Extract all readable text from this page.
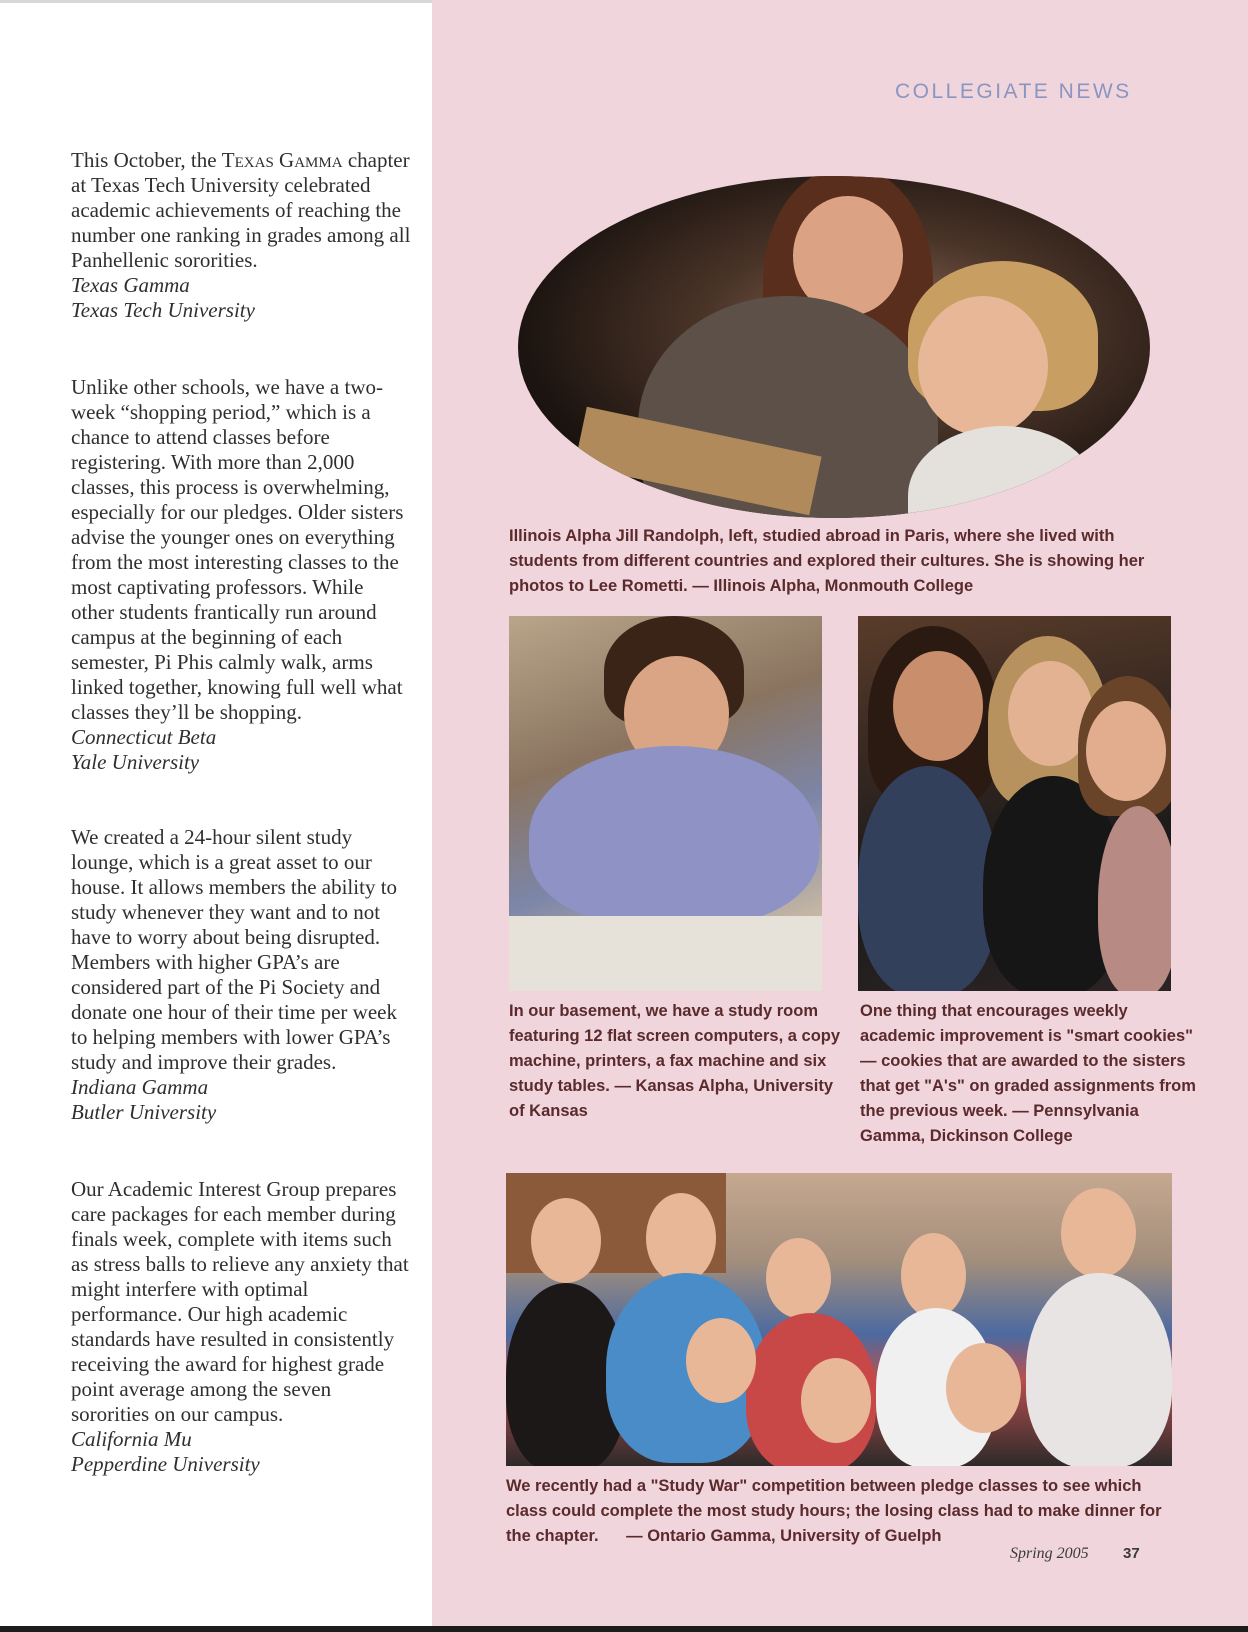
COLLEGIATE NEWS

This October, the Texas Gamma chapter at Texas Tech University celebrated academic achievements of reaching the number one ranking in grades among all Panhellenic sororities.

Texas Gamma

Texas Tech University

Unlike other schools, we have a two-week “shopping period,” which is a chance to attend classes before registering. With more than 2,000 classes, this process is overwhelming, especially for our pledges. Older sisters advise the younger ones on everything from the most interesting classes to the most captivating professors. While other students frantically run around campus at the beginning of each semester, Pi Phis calmly walk, arms linked together, knowing full well what classes they’ll be shopping.

Connecticut Beta

Yale University

We created a 24-hour silent study lounge, which is a great asset to our house. It allows members the ability to study whenever they want and to not have to worry about being disrupted. Members with higher GPA’s are considered part of the Pi Society and donate one hour of their time per week to helping members with lower GPA’s study and improve their grades.

Indiana Gamma

Butler University

Our Academic Interest Group prepares care packages for each member during finals week, complete with items such as stress balls to relieve any anxiety that might interfere with optimal performance. Our high academic standards have resulted in consistently receiving the award for highest grade point average among the seven sororities on our campus.

California Mu

Pepperdine University

Illinois Alpha Jill Randolph, left, studied abroad in Paris, where she lived with students from different countries and explored their cultures. She is showing her photos to Lee Rometti. — Illinois Alpha, Monmouth College
In our basement, we have a study room featuring 12 flat screen computers, a copy machine, printers, a fax machine and six study tables. — Kansas Alpha, University of Kansas
One thing that encourages weekly academic improvement is "smart cookies" — cookies that are awarded to the sisters that get "A's" on graded assignments from the previous week. — Pennsylvania Gamma, Dickinson College
We recently had a "Study War" competition between pledge classes to see which class could complete the most study hours; the losing class had to make dinner for the chapter.      — Ontario Gamma, University of Guelph
Spring 2005 37
